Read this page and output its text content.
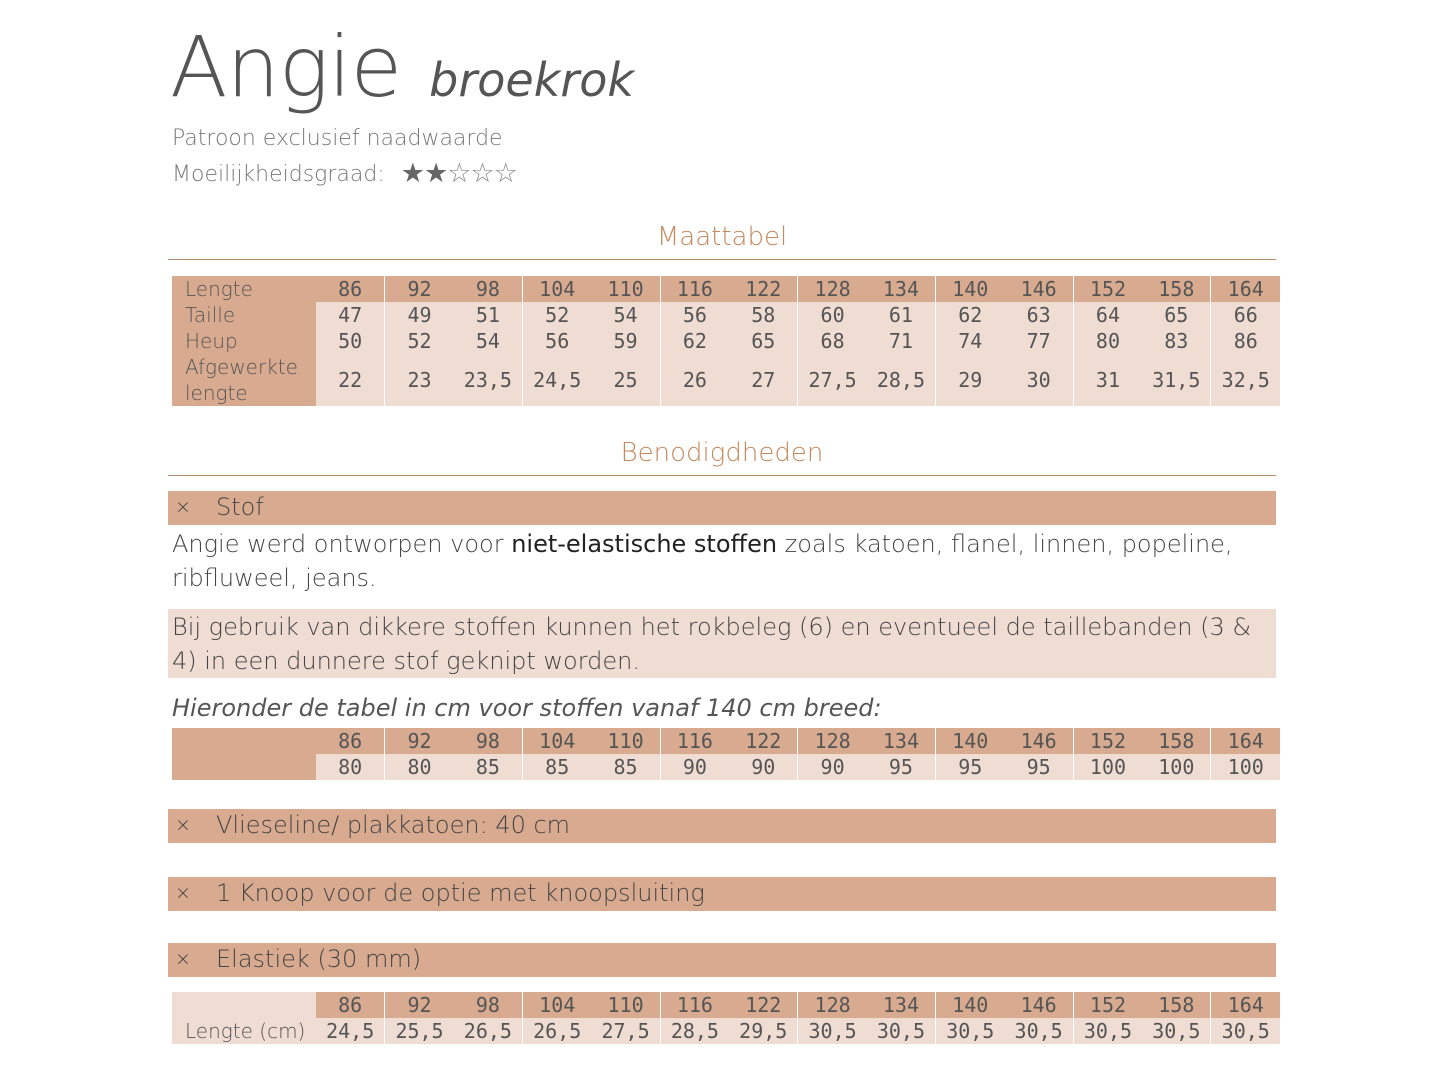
Angie broekrok
Patroon exclusief naadwaarde
Moeilijkheidsgraad: ★★☆☆☆
Maattabel
Lengte	86	92	98	104	110	116	122	128	134	140	146	152	158	164
Taille	47	49	51	52	54	56	58	60	61	62	63	64	65	66
Heup	50	52	54	56	59	62	65	68	71	74	77	80	83	86
Afgewerkte lengte	22	23	23,5	24,5	25	26	27	27,5	28,5	29	30	31	31,5	32,5
Benodigdheden
× Stof
Angie werd ontworpen voor niet-elastische stoffen zoals katoen, flanel, linnen, popeline, ribfluweel, jeans.
Bij gebruik van dikkere stoffen kunnen het rokbeleg (6) en eventueel de taillebanden (3 & 4) in een dunnere stof geknipt worden.
Hieronder de tabel in cm voor stoffen vanaf 140 cm breed:
	86	92	98	104	110	116	122	128	134	140	146	152	158	164
	80	80	85	85	85	90	90	90	95	95	95	100	100	100
× Vlieseline/ plakkatoen: 40 cm
× 1 Knoop voor de optie met knoopsluiting
× Elastiek (30 mm)
	86	92	98	104	110	116	122	128	134	140	146	152	158	164
Lengte (cm)	24,5	25,5	26,5	26,5	27,5	28,5	29,5	30,5	30,5	30,5	30,5	30,5	30,5	30,5
